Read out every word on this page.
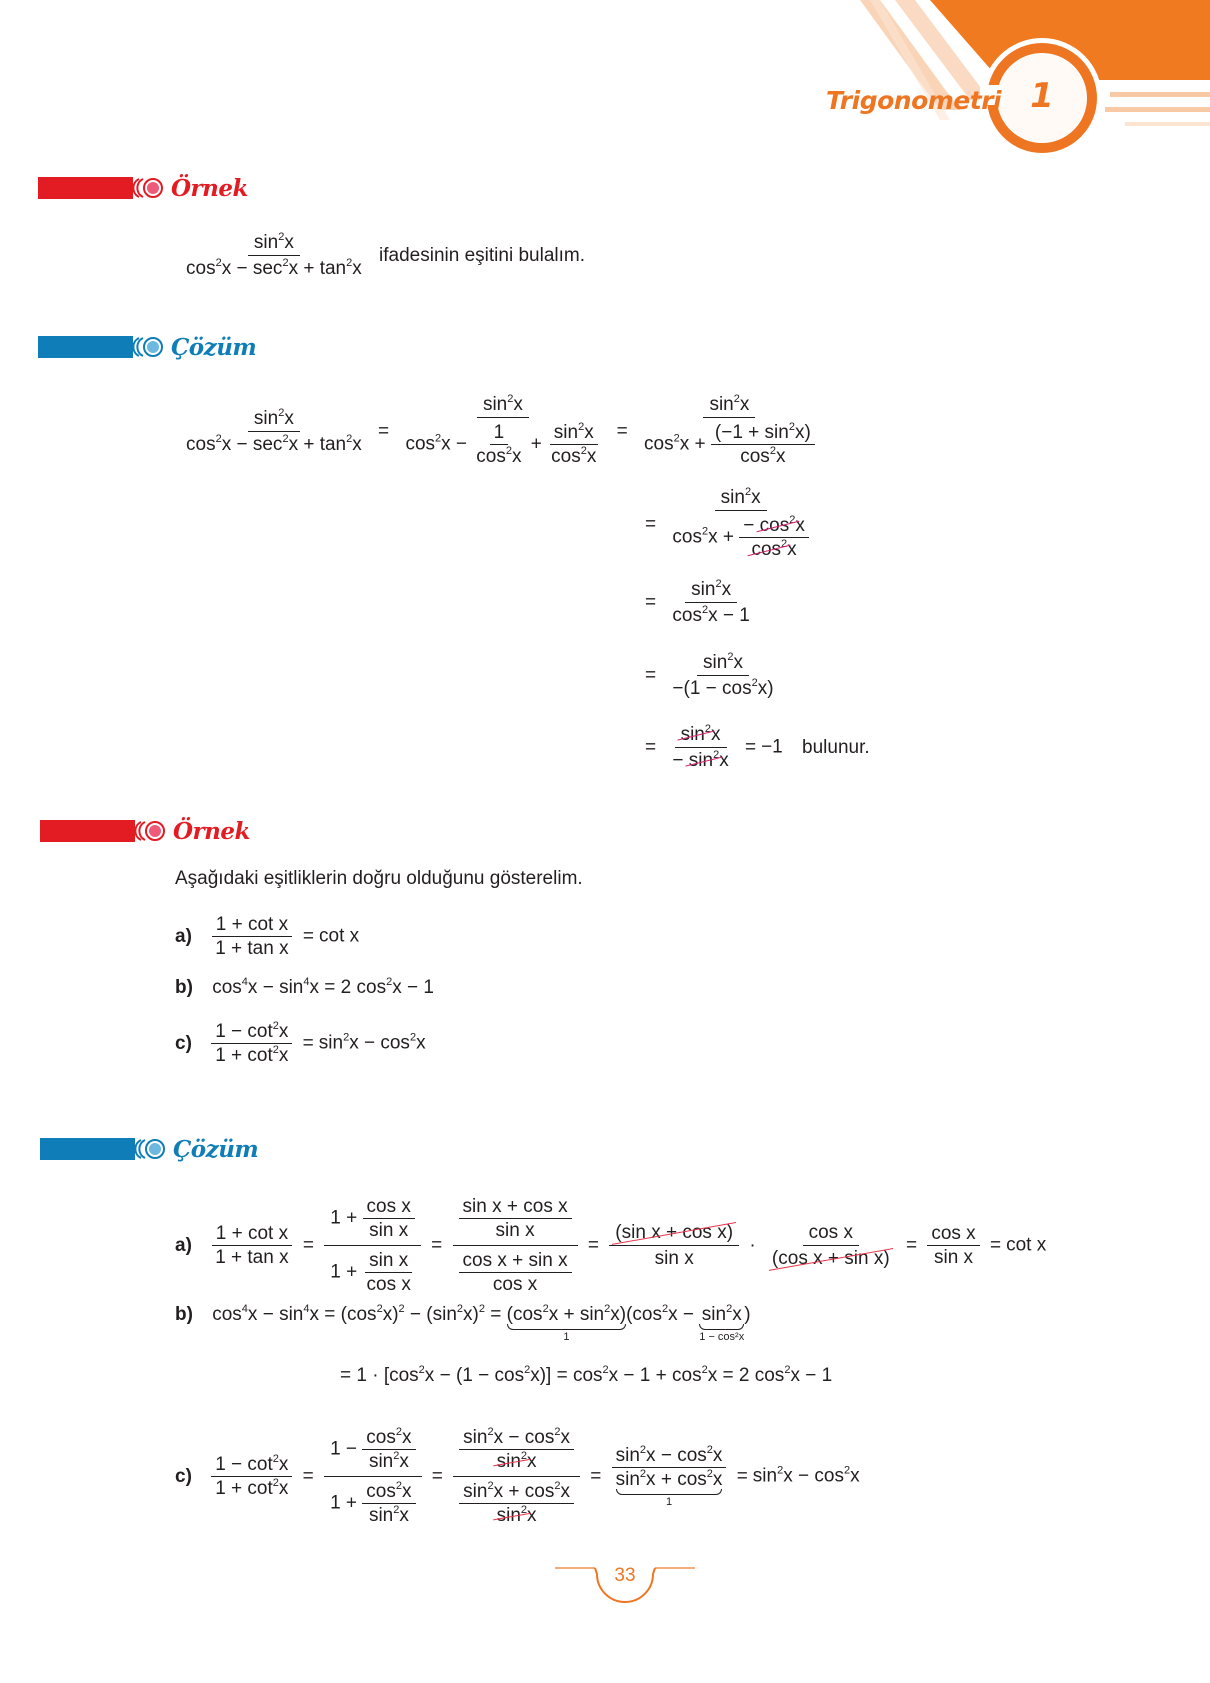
Trigonometri 1
Örnek
$\frac{\sin^2x}{\cos^2x - \sec^2x + \tan^2x}$ ifadesinin eşitini bulalım.
Çözüm
$\frac{\sin^2x}{\cos^2x - \sec^2x + \tan^2x} = \frac{\sin^2x}{\cos^2x - \frac{1}{\cos^2x} + \frac{\sin^2x}{\cos^2x}} = \frac{\sin^2x}{\cos^2x + \frac{(-1 + \sin^2x)}{\cos^2x}}$
= $\frac{\sin^2x}{\cos^2x + \frac{- \cos^2x}{\cos^2x}}$
= $\frac{\sin^2x}{\cos^2x - 1}$
= $\frac{\sin^2x}{-(1 - \cos^2x)}$
= $\frac{\sin^2x}{- \sin^2x} = -1$ bulunur.
Örnek
Aşağıdaki eşitliklerin doğru olduğunu gösterelim.
$a) \frac{\text{1 + cot x}}{\text{1 + tan x}} = \cot x$
b) $\cos^4x - \sin^4x = 2$ $\cos^2x - 1$
$c) \frac{1 - \cot^2x}{1 + \cot^2x} = \sin^2x - \cos^2x$
Çözüm
$a) \frac{\text{1 + cot x}}{\text{1 + tan x}} = \frac{1 + \frac{\text{cos x}}{\text{sin x}}}{1 + \frac{\text{sin x}}{\text{cos x}}} = \frac{\frac{\text{sin x + cos x}}{\text{sin x}}}{\frac{\text{cos x + sin x}}{\text{cos x}}} = \frac{\text{(sin x + cos x)}}{\text{sin x}} \cdot \frac{\text{cos x}}{\text{(cos x + sin x)}} = \frac{\text{cos x}}{\text{sin x}} = \cot x$
b) $\cos^4x - \sin^4x = (\cos^2x)^2 - (\sin^2x)^2 = (\cos^2x + \sin^2x)$
1
($\cos^2x - \sin^2x$
1 − cos²x
)
= $1 \cdot [\cos^2x - (1 - \cos^2x)] = \cos^2x - 1 + \cos^2x = 2$ $\cos^2x - 1$
$c) \frac{1 - \cot^2x}{1 + \cot^2x} = \frac{1 - \frac{\cos^2x}{\sin^2x}}{1 + \frac{\cos^2x}{\sin^2x}} = \frac{\frac{\sin^2x - \cos^2x}{\sin^2x}}{\frac{\sin^2x + \cos^2x}{\sin^2x}} = \sin^2x - \cos^2x$
$\sin^2x + \cos^2x$
$1 = \sin^2x - \cos^2x$
33
